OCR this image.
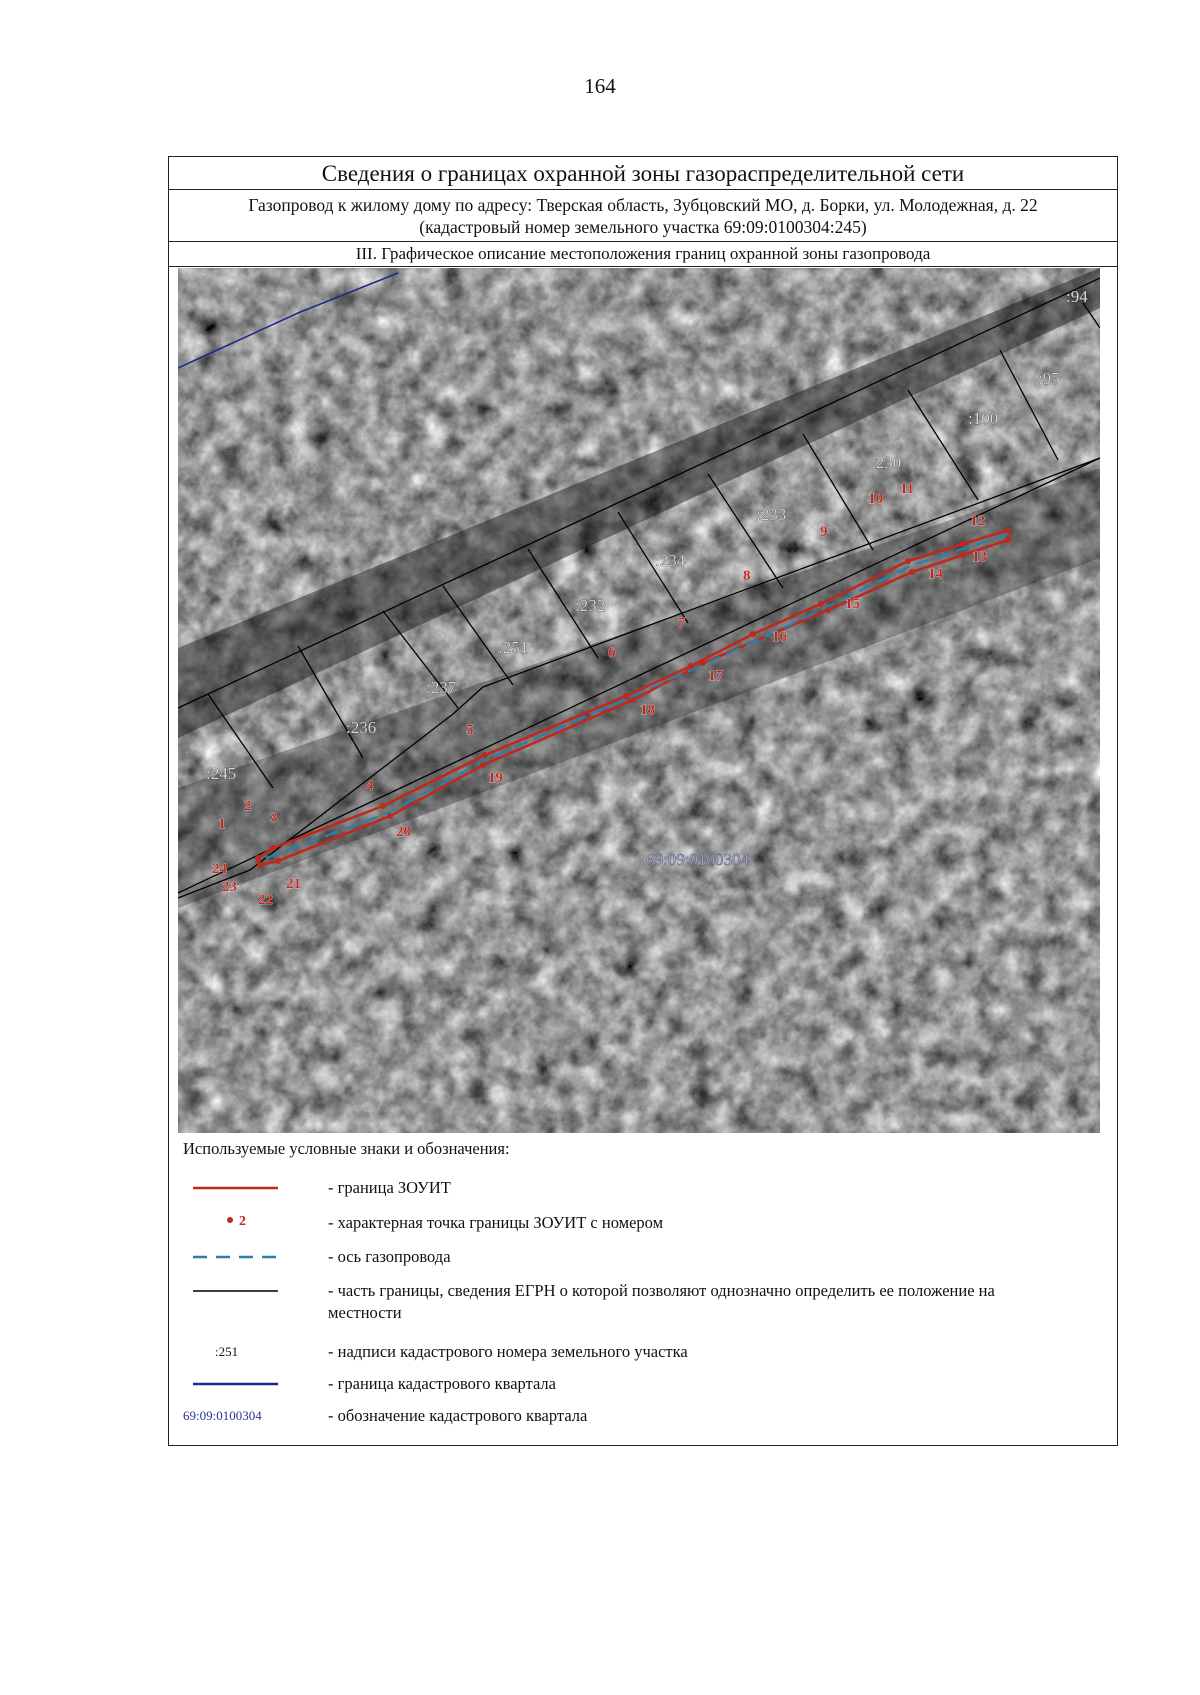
164
Сведения о границах охранной зоны газораспределительной сети
Газопровод к жилому дому по адресу: Тверская область, Зубцовский МО, д. Борки, ул. Молодежная, д. 22
(кадастровый номер земельного участка 69:09:0100304:245)
III. Графическое описание местоположения границ охранной зоны газопровода
:94
:95
:100
:230
:233
:234
:232
:251
:237
:236
:245
69:09:0100304
1
2
3
4
5
6
7
8
9
10
11
12
13
14
15
16
17
18
19
20
21
22
23
24
Используемые условные знаки и обозначения:
- граница ЗОУИТ
2	- характерная точка границы ЗОУИТ с номером
- ось газопровода
- часть границы, сведения ЕГРН о которой позволяют однозначно определить ее положение на местности
:251	- надписи кадастрового номера земельного участка
- граница кадастрового квартала
69:09:0100304	- обозначение кадастрового квартала
